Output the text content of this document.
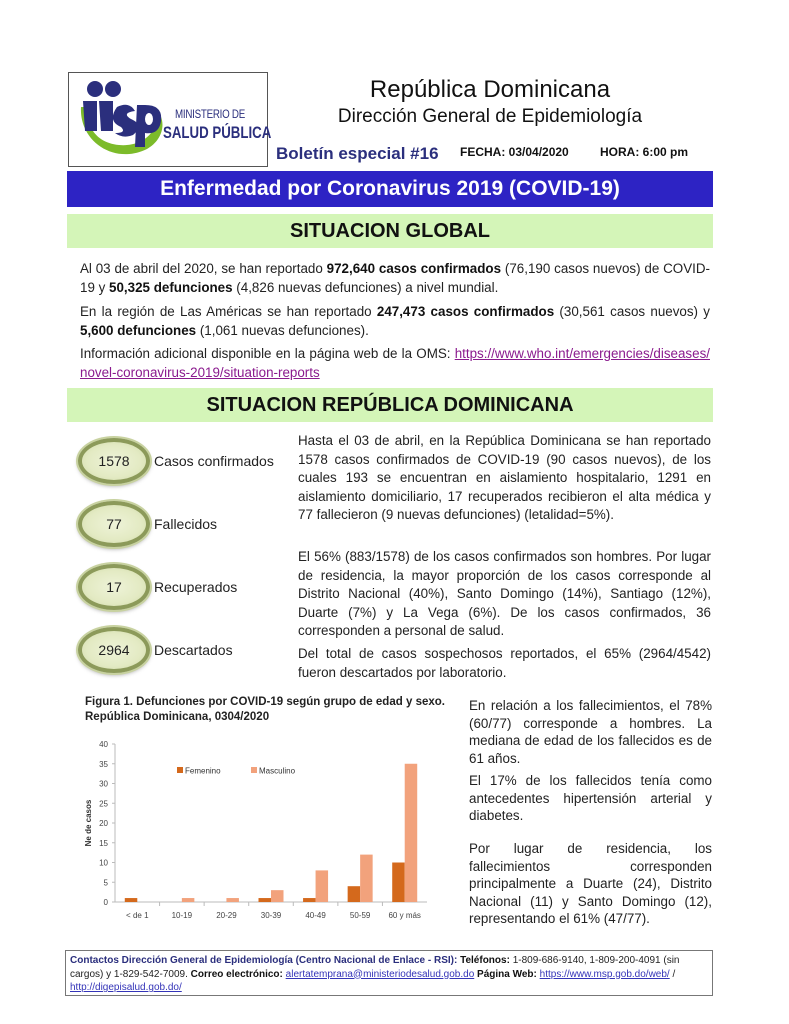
MINISTERIO DE
SALUD PÚBLICA
República Dominicana
Dirección General de Epidemiología
Boletín especial #16 FECHA: 03/04/2020	HORA: 6:00 pm
Enfermedad por Coronavirus 2019 (COVID-19)
SITUACION GLOBAL

Al 03 de abril del 2020, se han reportado 972,640 casos confirmados (76,190 casos nuevos) de COVID-19 y 50,325 defunciones (4,826 nuevas defunciones) a nivel mundial.

En la región de Las Américas se han reportado 247,473 casos confirmados (30,561 casos nuevos) y 5,600 defunciones (1,061 nuevas defunciones).

Información adicional disponible en la página web de la OMS: https://www.who.int/emergencies/diseases/novel-coronavirus-2019/situation-reports

SITUACION REPÚBLICA DOMINICANA
1578	Casos confirmados
77	Fallecidos
17	Recuperados
2964	Descartados

Hasta el 03 de abril, en la República Dominicana se han reportado 1578 casos confirmados de COVID-19 (90 casos nuevos), de los cuales 193 se encuentran en aislamiento hospitalario, 1291 en aislamiento domiciliario, 17 recuperados recibieron el alta médica y 77 fallecieron (9 nuevas defunciones) (letalidad=5%).

El 56% (883/1578) de los casos confirmados son hombres. Por lugar de residencia, la mayor proporción de los casos corresponde al Distrito Nacional (40%), Santo Domingo (14%), Santiago (12%), Duarte (7%) y La Vega (6%). De los casos confirmados, 36 corresponden a personal de salud.

Del total de casos sospechosos reportados, el 65% (2964/4542) fueron descartados por laboratorio.

Figura 1. Defunciones por COVID-19 según grupo de edad y sexo. República Dominicana, 0304/2020
0
5
10
15
20
25
30
35
40
Ne de casos
< de 1	10-19	20-29	30-39	40-49	50-59 60 y más
Femenino	Masculino

En relación a los fallecimientos, el 78% (60/77) corresponde a hombres. La mediana de edad de los fallecidos es de 61 años.

El 17% de los fallecidos tenía como antecedentes hipertensión arterial y diabetes.

Por lugar de residencia, los fallecimientos corresponden principalmente a Duarte (24), Distrito Nacional (11) y Santo Domingo (12), representando el 61% (47/77).

Contactos Dirección General de Epidemiología (Centro Nacional de Enlace - RSI): Teléfonos: 1-809-686-9140, 1-809-200-4091 (sin cargos) y 1-829-542-7009. Correo electrónico: alertatemprana@ministeriodesalud.gob.do Página Web: https://www.msp.gob.do/web/ / http://digepisalud.gob.do/
